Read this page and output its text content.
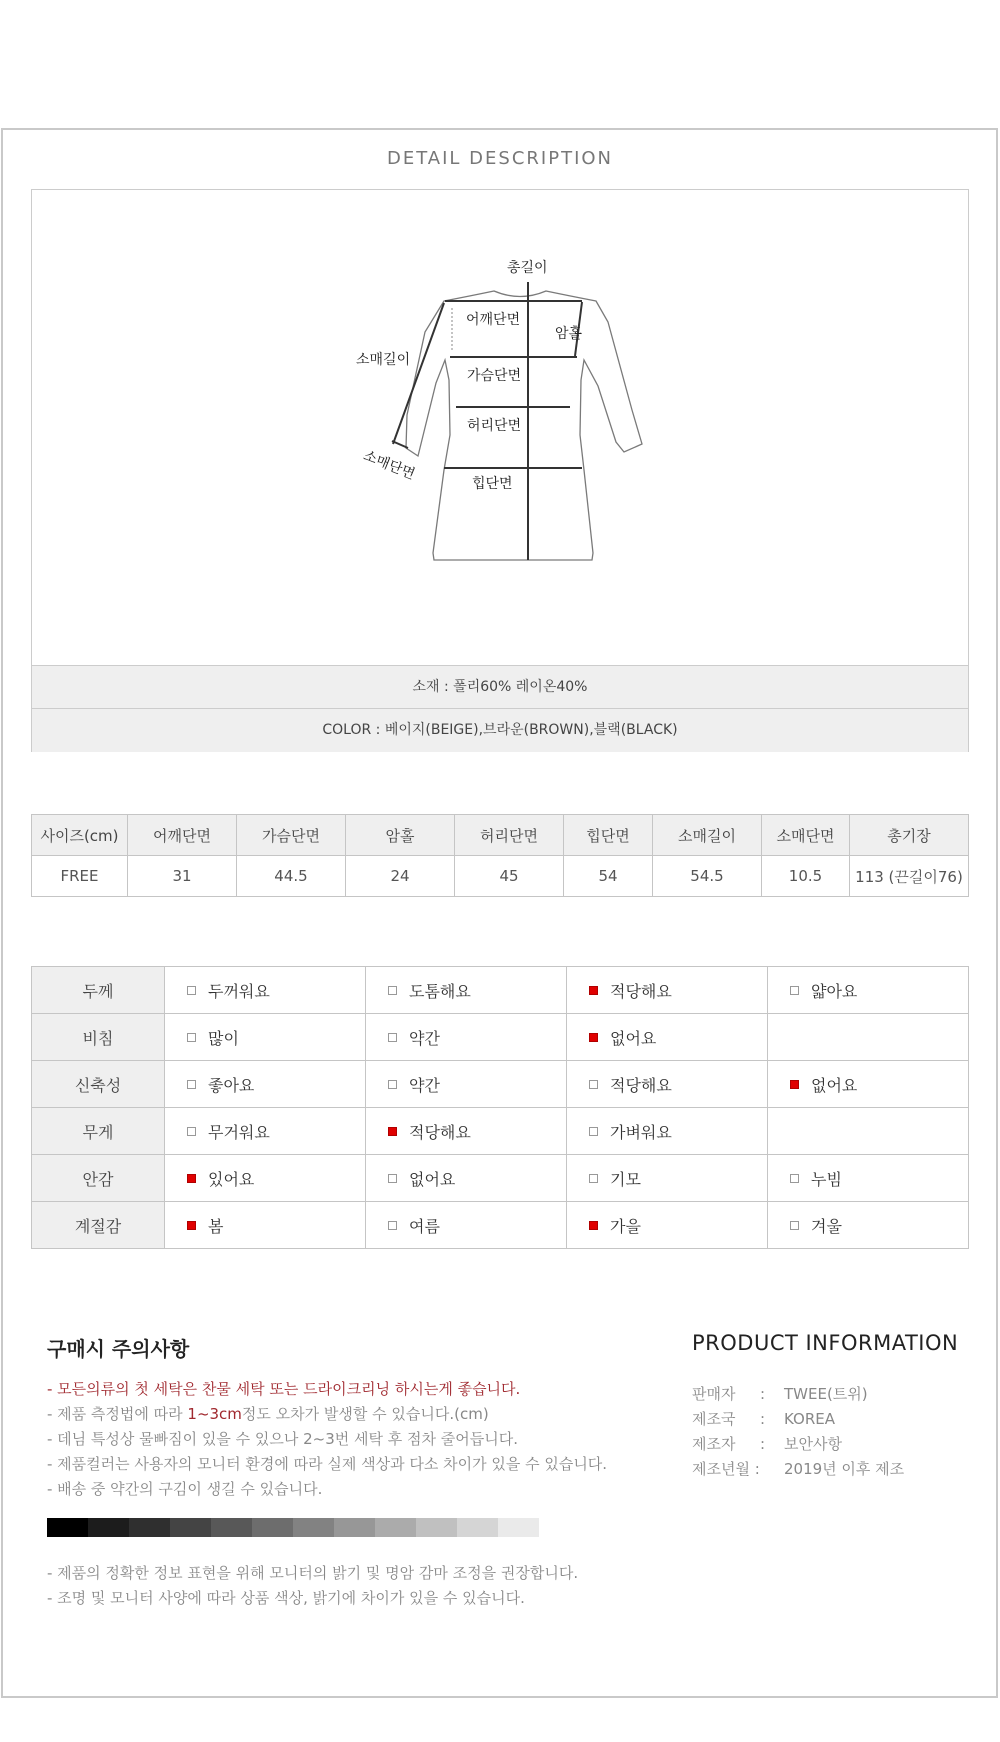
DETAIL DESCRIPTION
총길이
어깨단면
암홀
소매길이
가슴단면
허리단면
소매단면
힙단면
소재 : 폴리60% 레이온40%
COLOR : 베이지(BEIGE),브라운(BROWN),블랙(BLACK)
사이즈(cm)	어깨단면	가슴단면	암홀	허리단면	힙단면	소매길이	소매단면	총기장
FREE	31	44.5	24	45	54	54.5	10.5	113 (끈길이76)
두께	두꺼워요	도톰해요	적당해요	얇아요

비침	많이	약간	없어요	

신축성	좋아요	약간	적당해요	없어요

무게	무거워요	적당해요	가벼워요	

안감	있어요	없어요	기모	누빔

계절감	봄	여름	가을	겨울
구매시 주의사항
- 모든의류의 첫 세탁은 찬물 세탁 또는 드라이크리닝 하시는게 좋습니다.
- 제품 측정법에 따라 1~3cm정도 오차가 발생할 수 있습니다.(cm)
- 데님 특성상 물빠짐이 있을 수 있으나 2~3번 세탁 후 점차 줄어듭니다.
- 제품컬러는 사용자의 모니터 환경에 따라 실제 색상과 다소 차이가 있을 수 있습니다.
- 배송 중 약간의 구김이 생길 수 있습니다.
- 제품의 정확한 정보 표현을 위해 모니터의 밝기 및 명암 감마 조정을 권장합니다.
- 조명 및 모니터 사양에 따라 상품 색상, 밝기에 차이가 있을 수 있습니다.
PRODUCT INFORMATION
판매자 : TWEE(트위)
제조국 : KOREA
제조자 : 보안사항
제조년월 : 2019년 이후 제조
